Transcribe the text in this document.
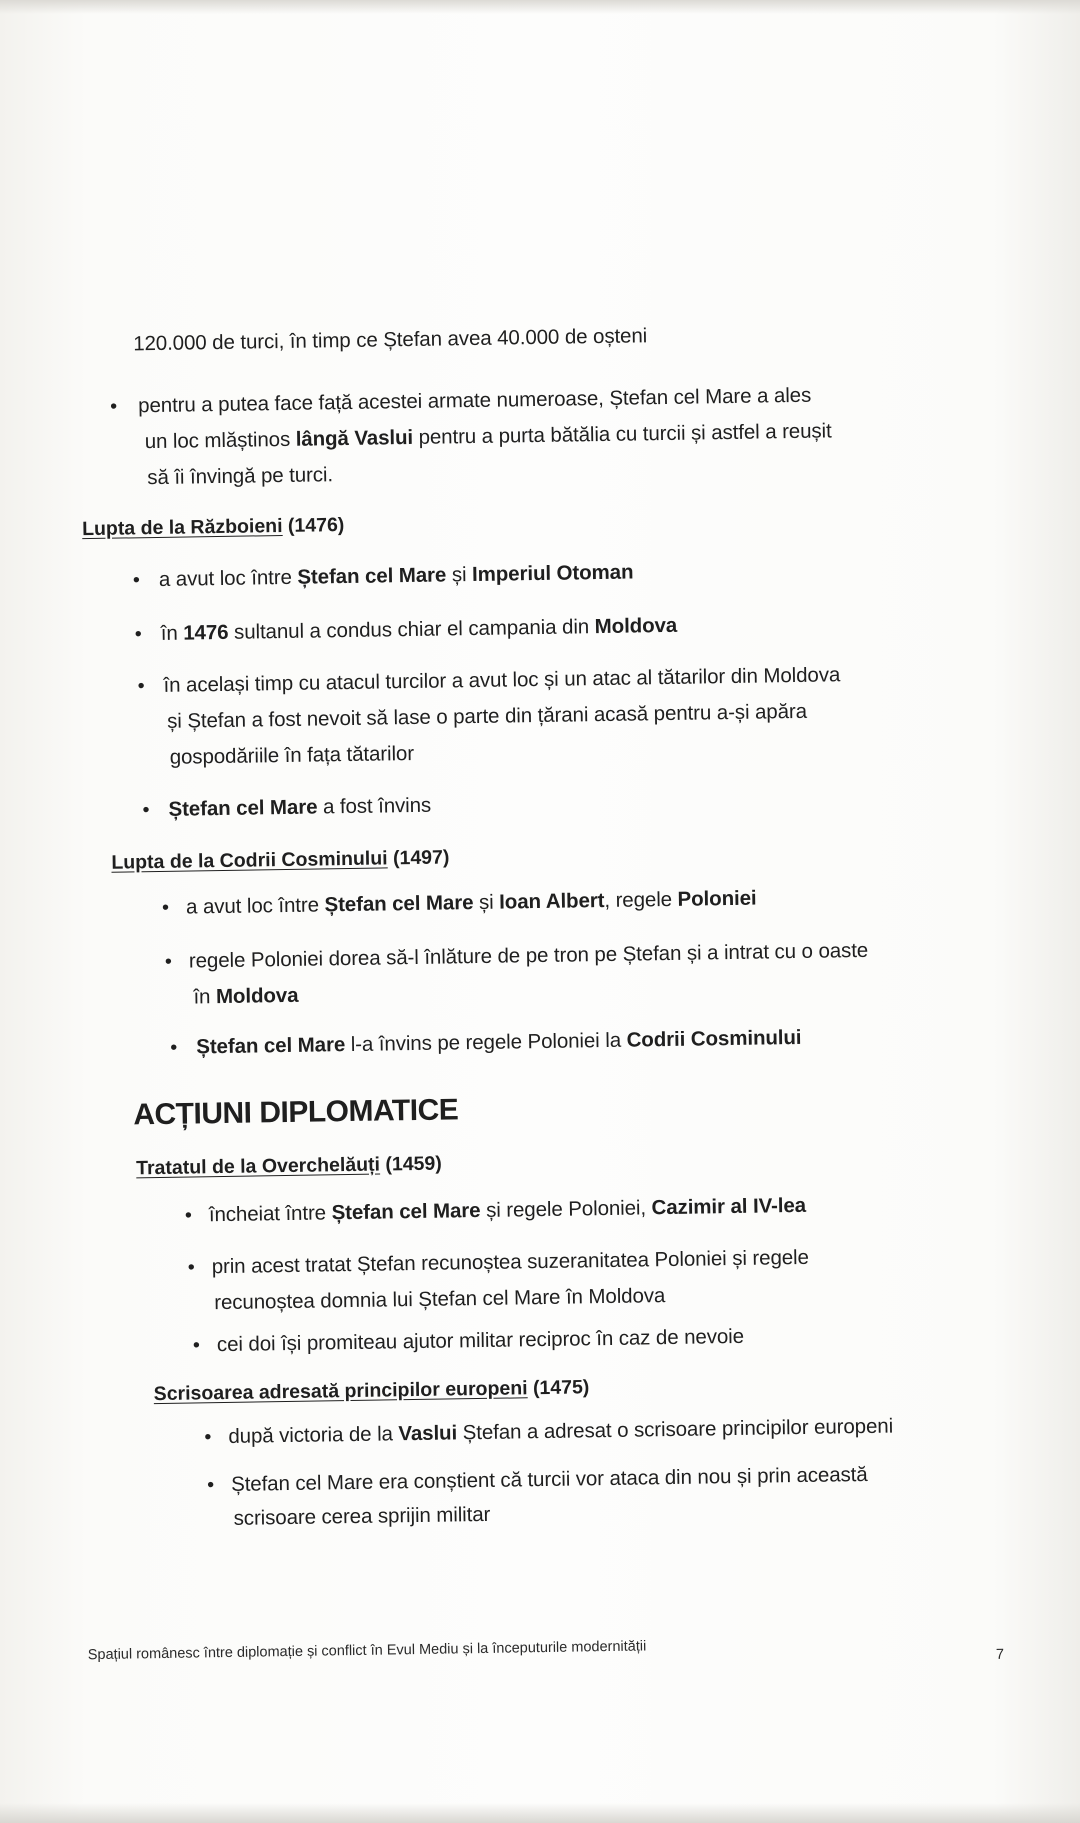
120.000 de turci, în timp ce Ștefan avea 40.000 de oșteni
• pentru a putea face față acestei armate numeroase, Ștefan cel Mare a ales
un loc mlăștinos lângă Vaslui pentru a purta bătălia cu turcii și astfel a reușit
să îi învingă pe turci.
Lupta de la Războieni (1476)
• a avut loc între Ștefan cel Mare și Imperiul Otoman
• în 1476 sultanul a condus chiar el campania din Moldova
• în același timp cu atacul turcilor a avut loc și un atac al tătarilor din Moldova
și Ștefan a fost nevoit să lase o parte din țărani acasă pentru a-și apăra
gospodăriile în fața tătarilor
• Ștefan cel Mare a fost învins
Lupta de la Codrii Cosminului (1497)
• a avut loc între Ștefan cel Mare și Ioan Albert, regele Poloniei
• regele Poloniei dorea să-l înlăture de pe tron pe Ștefan și a intrat cu o oaste
în Moldova
• Ștefan cel Mare l-a învins pe regele Poloniei la Codrii Cosminului
ACȚIUNI DIPLOMATICE
Tratatul de la Overchelăuți (1459)
• încheiat între Ștefan cel Mare și regele Poloniei, Cazimir al IV-lea
• prin acest tratat Ștefan recunoștea suzeranitatea Poloniei și regele
recunoștea domnia lui Ștefan cel Mare în Moldova
• cei doi își promiteau ajutor militar reciproc în caz de nevoie
Scrisoarea adresată principilor europeni (1475)
• după victoria de la Vaslui Ștefan a adresat o scrisoare principilor europeni
• Ștefan cel Mare era conștient că turcii vor ataca din nou și prin această
scrisoare cerea sprijin militar
Spațiul românesc între diplomație și conflict în Evul Mediu și la începuturile modernității	7
